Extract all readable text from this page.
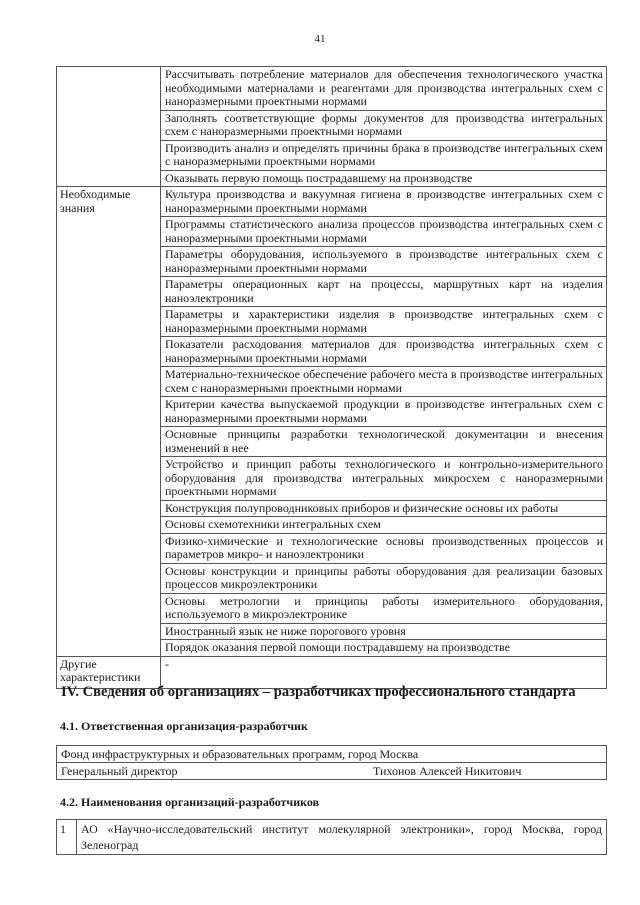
41
	Рассчитывать потребление материалов для обеспечения технологического участка необходимыми материалами и реагентами для производства интегральных схем с наноразмерными проектными нормами
	Заполнять соответствующие формы документов для производства интегральных схем с наноразмерными проектными нормами
	Производить анализ и определять причины брака в производстве интегральных схем с наноразмерными проектными нормами
	Оказывать первую помощь пострадавшему на производстве
Необходимые знания	Культура производства и вакуумная гигиена в производстве интегральных схем с наноразмерными проектными нормами
	Программы статистического анализа процессов производства интегральных схем с наноразмерными проектными нормами
	Параметры оборудования, используемого в производстве интегральных схем с наноразмерными проектными нормами
	Параметры операционных карт на процессы, маршрутных карт на изделия наноэлектроники
	Параметры и характеристики изделия в производстве интегральных схем с наноразмерными проектными нормами
	Показатели расходования материалов для производства интегральных схем с наноразмерными проектными нормами
	Материально-техническое обеспечение рабочего места в производстве интегральных схем с наноразмерными проектными нормами
	Критерии качества выпускаемой продукции в производстве интегральных схем с наноразмерными проектными нормами
	Основные принципы разработки технологической документации и внесения изменений в нее
	Устройство и принцип работы технологического и контрольно-измерительного оборудования для производства интегральных микросхем с наноразмерными проектными нормами
	Конструкция полупроводниковых приборов и физические основы их работы
	Основы схемотехники интегральных схем
	Физико-химические и технологические основы производственных процессов и параметров микро- и наноэлектроники
	Основы конструкции и принципы работы оборудования для реализации базовых процессов микроэлектроники
	Основы метрологии и принципы работы измерительного оборудования, используемого в микроэлектронике
	Иностранный язык не ниже порогового уровня
	Порядок оказания первой помощи пострадавшему на производстве
Другие характеристики	-
IV. Сведения об организациях – разработчиках профессионального стандарта
4.1. Ответственная организация-разработчик
Фонд инфраструктурных и образовательных программ, город Москва
Генеральный директор	Тихонов Алексей Никитович
4.2. Наименования организаций-разработчиков
1	АО «Научно-исследовательский институт молекулярной электроники», город Москва, город Зеленоград
